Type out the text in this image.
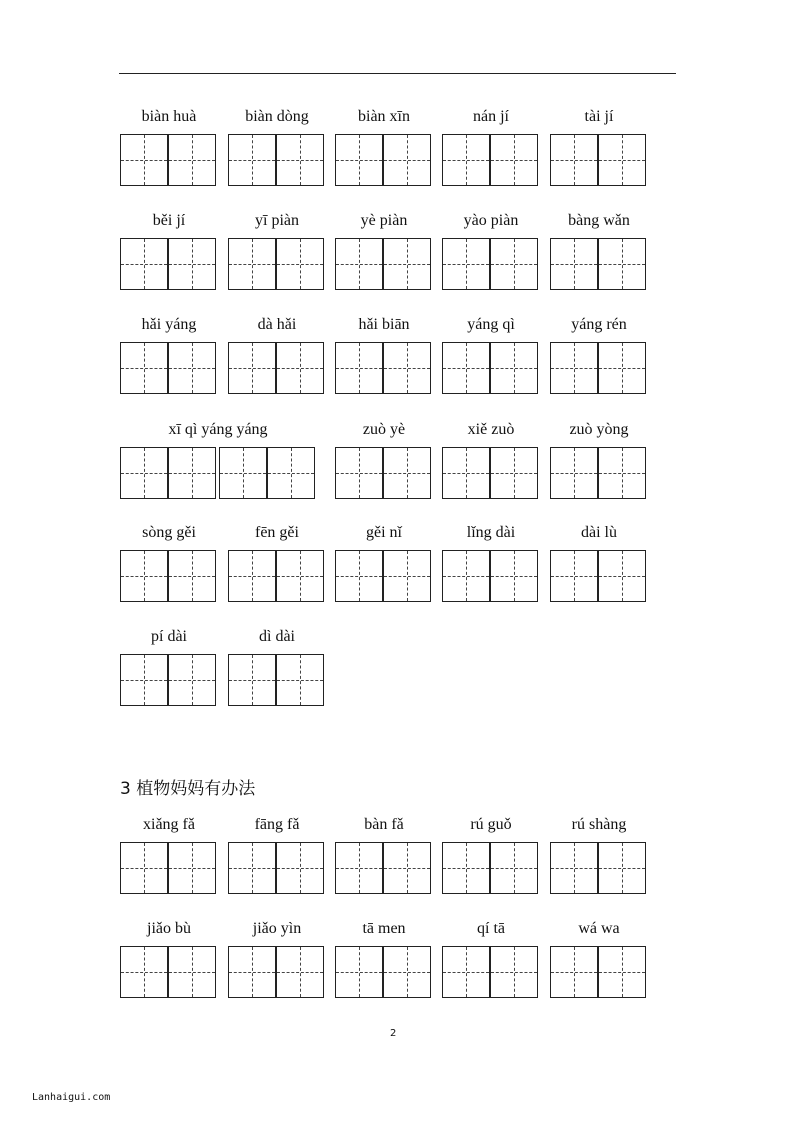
biàn huà	biàn dòng	biàn xīn	nán jí	tài jí
běi jí	yī piàn	yè piàn	yào piàn	bàng wǎn
hǎi yáng	dà hǎi	hǎi biān	yáng qì	yáng rén
xī qì yáng yáng	zuò yè	xiě zuò	zuò yòng
sòng gěi	fēn gěi	gěi nǐ	lǐng dài	dài lù
pí dài	dì dài
3 植物妈妈有办法
xiǎng fǎ	fāng fǎ	bàn fǎ	rú guǒ	rú shàng
jiǎo bù	jiǎo yìn	tā men	qí tā	wá wa
2
Lanhaigui.com
